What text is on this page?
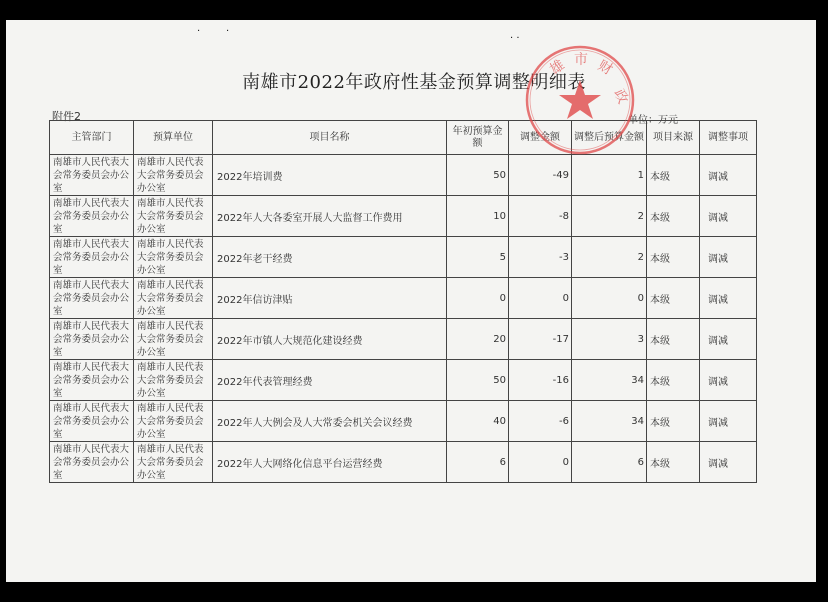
·	·
· ·
南雄市2022年政府性基金预算调整明细表
附件2	单位：万元
主管部门	预算单位	项目名称	年初预算金额	调整金额	调整后预算金额	项目来源	调整事项
南雄市人民代表大会常务委员会办公室	南雄市人民代表大会常务委员会办公室	2022年培训费	50	-49	1	本级	调减
南雄市人民代表大会常务委员会办公室	南雄市人民代表大会常务委员会办公室	2022年人大各委室开展人大监督工作费用	10	-8	2	本级	调减
南雄市人民代表大会常务委员会办公室	南雄市人民代表大会常务委员会办公室	2022年老干经费	5	-3	2	本级	调减
南雄市人民代表大会常务委员会办公室	南雄市人民代表大会常务委员会办公室	2022年信访津贴	0	0	0	本级	调减
南雄市人民代表大会常务委员会办公室	南雄市人民代表大会常务委员会办公室	2022年市镇人大规范化建设经费	20	-17	3	本级	调减
南雄市人民代表大会常务委员会办公室	南雄市人民代表大会常务委员会办公室	2022年代表管理经费	50	-16	34	本级	调减
南雄市人民代表大会常务委员会办公室	南雄市人民代表大会常务委员会办公室	2022年人大例会及人大常委会机关会议经费	40	-6	34	本级	调减
南雄市人民代表大会常务委员会办公室	南雄市人民代表大会常务委员会办公室	2022年人大网络化信息平台运营经费	6	0	6	本级	调减
雄 市 财
政
